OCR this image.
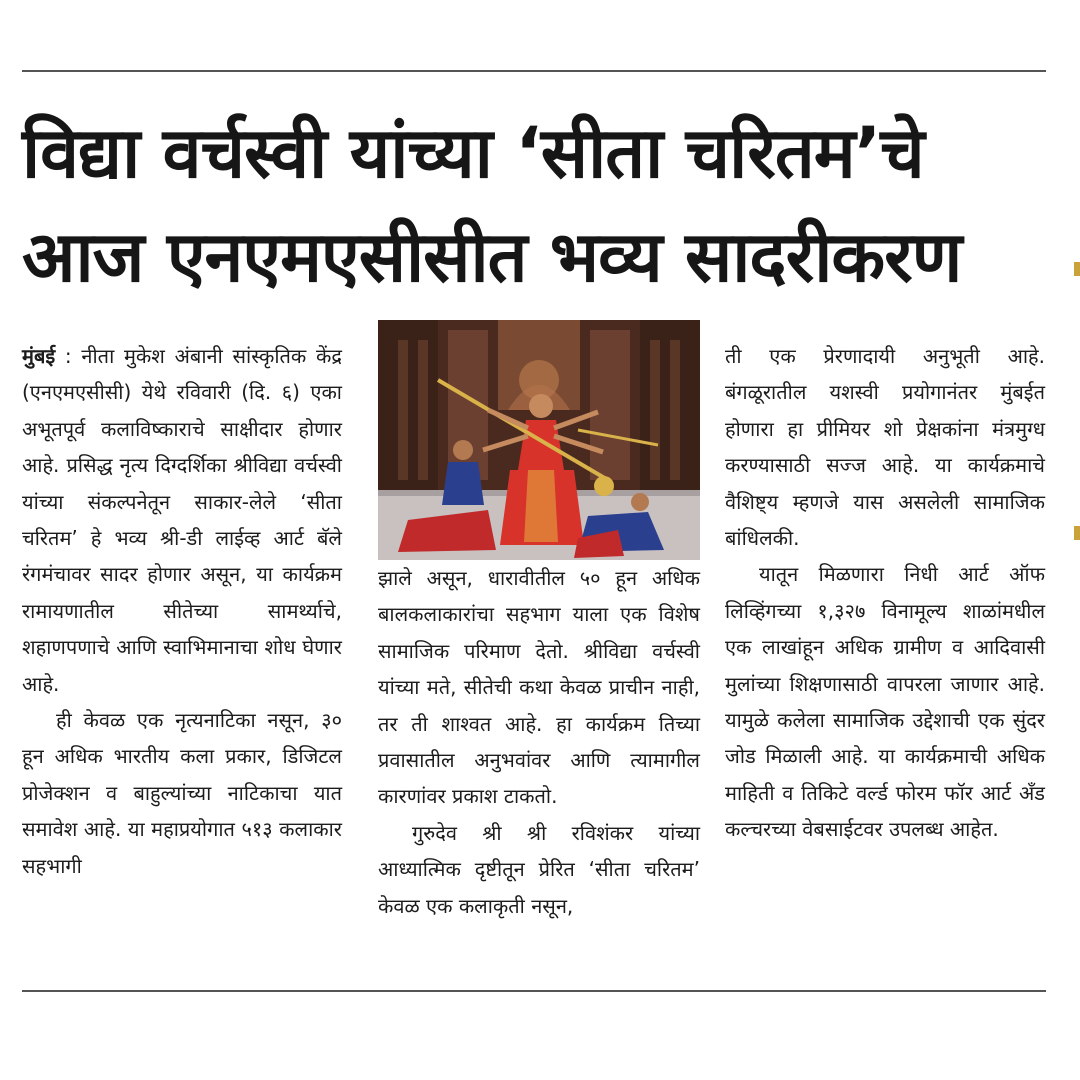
विद्या वर्चस्वी यांच्या ‘सीता चरितम’चे
आज एनएमएसीसीत भव्य सादरीकरण

मुंबई : नीता मुकेश अंबानी सांस्कृतिक केंद्र (एनएमएसीसी) येथे रविवारी (दि. ६) एका अभूतपूर्व कलाविष्काराचे साक्षीदार होणार आहे. प्रसिद्ध नृत्य दिग्दर्शिका श्रीविद्या वर्चस्वी यांच्या संकल्पनेतून साकार-लेले ‘सीता चरितम’ हे भव्य श्री-डी लाईव्ह आर्ट बॅले रंगमंचावर सादर होणार असून, या कार्यक्रम रामायणातील सीतेच्या सामर्थ्याचे, शहाणपणाचे आणि स्वाभिमानाचा शोध घेणार आहे.

ही केवळ एक नृत्यनाटिका नसून, ३० हून अधिक भारतीय कला प्रकार, डिजिटल प्रोजेक्शन व बाहुल्यांच्या नाटिकाचा यात समावेश आहे. या महाप्रयोगात ५१३ कलाकार सहभागी

झाले असून, धारावीतील ५० हून अधिक बालकलाकारांचा सहभाग याला एक विशेष सामाजिक परिमाण देतो. श्रीविद्या वर्चस्वी यांच्या मते, सीतेची कथा केवळ प्राचीन नाही, तर ती शाश्वत आहे. हा कार्यक्रम तिच्या प्रवासातील अनुभवांवर आणि त्यामागील कारणांवर प्रकाश टाकतो.

गुरुदेव श्री श्री रविशंकर यांच्या आध्यात्मिक दृष्टीतून प्रेरित ‘सीता चरितम’ केवळ एक कलाकृती नसून,

ती एक प्रेरणादायी अनुभूती आहे. बंगळूरातील यशस्वी प्रयोगानंतर मुंबईत होणारा हा प्रीमियर शो प्रेक्षकांना मंत्रमुग्ध करण्यासाठी सज्ज आहे. या कार्यक्रमाचे वैशिष्ट्य म्हणजे यास असलेली सामाजिक बांधिलकी.

यातून मिळणारा निधी आर्ट ऑफ लिव्हिंगच्या १,३२७ विनामूल्य शाळांमधील एक लाखांहून अधिक ग्रामीण व आदिवासी मुलांच्या शिक्षणासाठी वापरला जाणार आहे. यामुळे कलेला सामाजिक उद्देशाची एक सुंदर जोड मिळाली आहे. या कार्यक्रमाची अधिक माहिती व तिकिटे वर्ल्ड फोरम फॉर आर्ट अँड कल्चरच्या वेबसाईटवर उपलब्ध आहेत.
